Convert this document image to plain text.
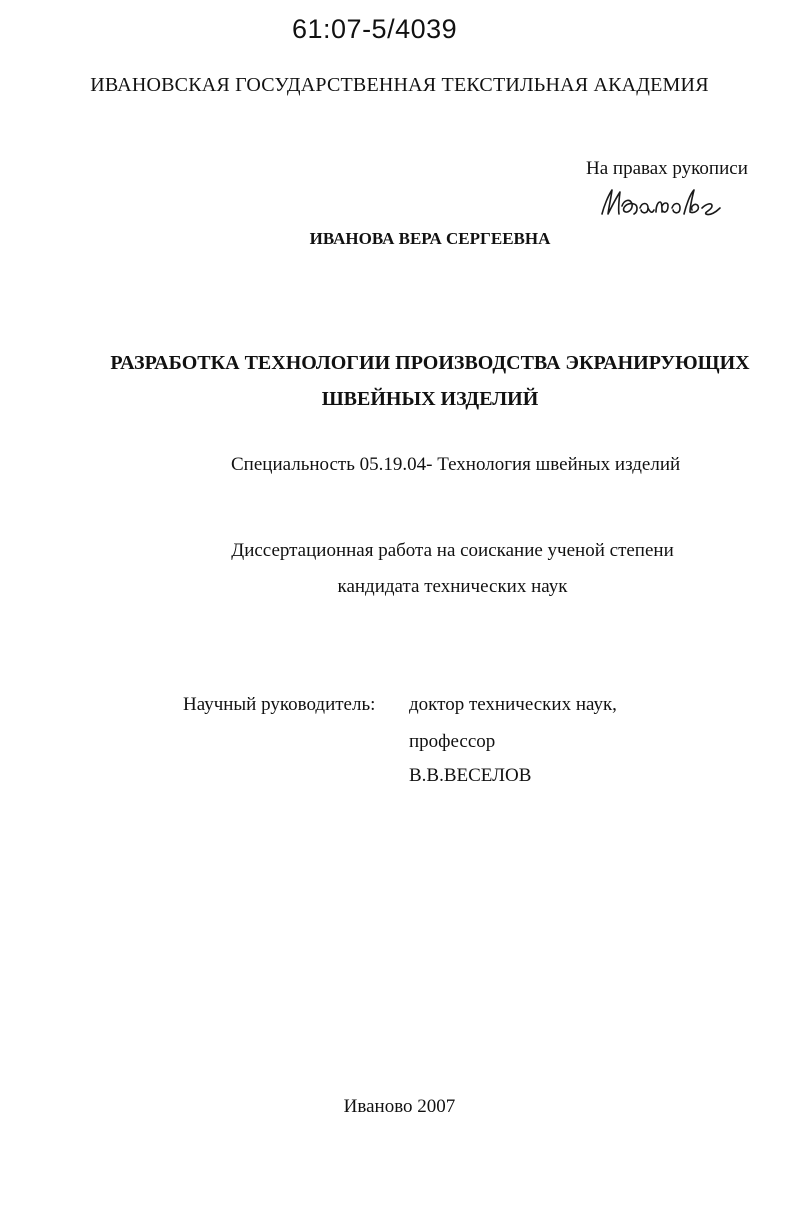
61:07-5/4039
ИВАНОВСКАЯ ГОСУДАРСТВЕННАЯ ТЕКСТИЛЬНАЯ АКАДЕМИЯ
На правах рукописи
ИВАНОВА ВЕРА СЕРГЕЕВНА
РАЗРАБОТКА ТЕХНОЛОГИИ ПРОИЗВОДСТВА ЭКРАНИРУЮЩИХ
ШВЕЙНЫХ ИЗДЕЛИЙ
Специальность 05.19.04- Технология швейных изделий
Диссертационная работа на соискание ученой степени
кандидата технических наук
Научный руководитель: доктор технических наук,
профессор
В.В.ВЕСЕЛОВ
Иваново 2007
